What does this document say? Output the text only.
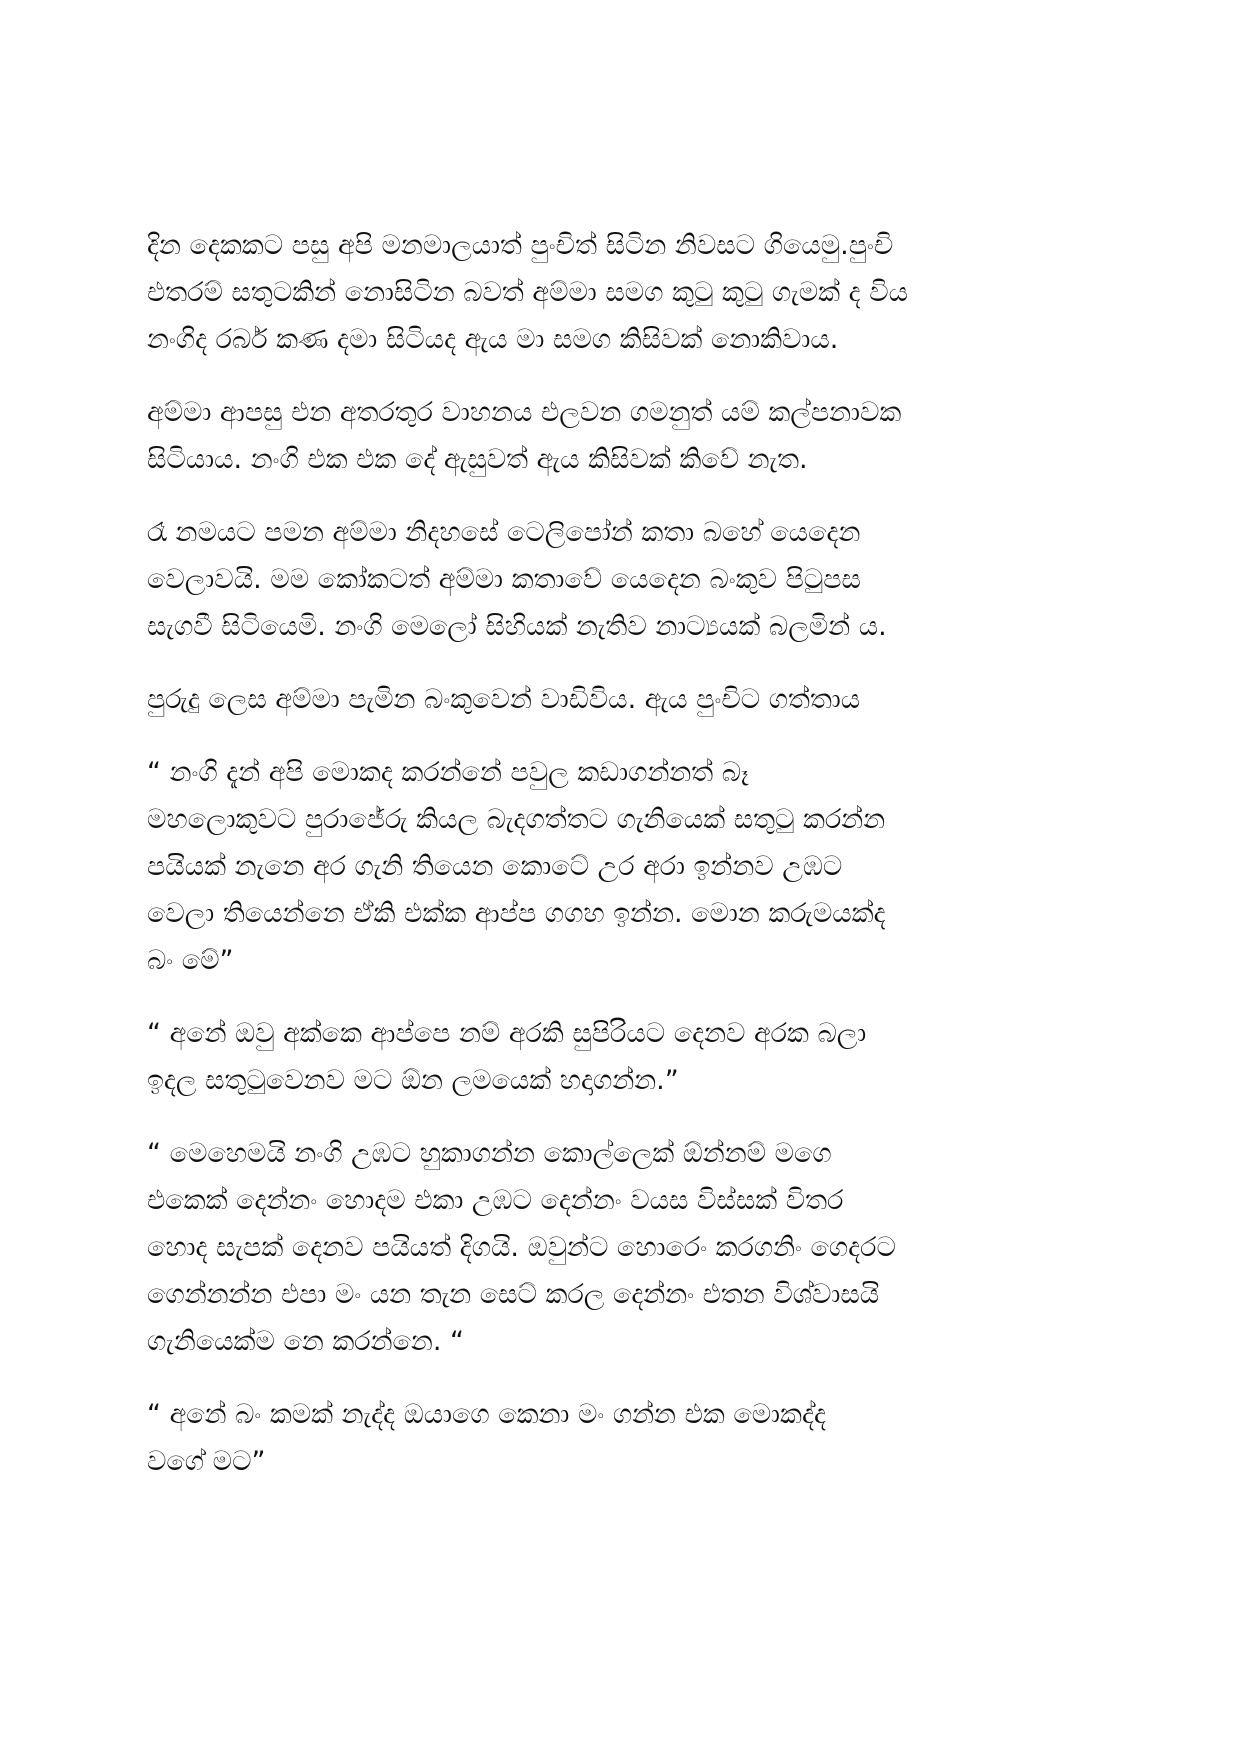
දින දෙකකට පසු අපි මනමාලයාත් පුංචිත් සිටින නිවසට ගියෙමු.පුංචි
එතරම් සතුටකින් නොසිටින බවත් අම්මා සමග කුටු කුටු ගැමක් ද විය
නංගිද රබර් කණ දමා සිටියද ඇය මා සමග කිසිවක් නොකිවාය.

අම්මා ආපසු එන අතරතුර වාහනය එලවන ගමනුත් යම් කල්පනාවක
සිටියාය. නංගි එක එක දේ ඇසුවත් ඇය කිසිවක් කිවේ නැත.

රෑ නමයට පමන අම්මා නිදහසේ ටෙලිපෝන් කතා බහේ යෙදෙන
වෙලාවයි. මම කෝකටත් අම්මා කතාවේ යෙදෙන බංකුව පිටුපස
සැගවී සිටියෙමි. නංගි මෙලෝ සිහියක් නැතිව නාට්‍යයක් බලමින් ය.

පුරුදු ලෙස අම්මා පැමින බංකුවෙන් වාඩිවිය. ඇය පුංචිට ගත්තාය

“ නංගි දැන් අපි මොකද කරන්නේ පවුල කඩාගන්නත් බෑ
මහලොකුවට පුරාජේරු කියල බැදගත්තට ගැනියෙක් සතුටු කරන්න
පයියක් නැනෙ අර ගැනි තියෙන කොටේ උර අරා ඉන්නව උඹට
වෙලා තියෙන්නෙ ඒකි එක්ක ආප්ප ගගහ ඉන්න. මොන කරුමයක්ද
බං මේ”

“ අනේ ඔවු අක්කෙ ආප්පෙ නම් අරකි සුපිරියට දෙනව අරක බලා
ඉදල සතුටුවෙනව මට ඕන ලමයෙක් හදාගන්න.”

“ මෙහෙමයි නංගි උඹට හුකාගන්න කොල්ලෙක් ඕන්නම් මගෙ
එකෙක් දෙන්නං හොදම එකා උඹට දෙන්නං වයස විස්සක් විතර
හොද සැපක් දෙනව පයියත් දිගයි. ඔවුන්ට හොරෙං කරගනිං ගෙදරට
ගෙන්නන්න එපා මං යන තැන සෙට් කරල දෙන්නං එතන විශ්වාසයි
ගැනියෙක්ම නෙ කරන්නෙ. “

“ අනේ බං කමක් නැද්ද ඔයාගෙ කෙනා මං ගන්න එක මොකද්ද
වගේ මට”
